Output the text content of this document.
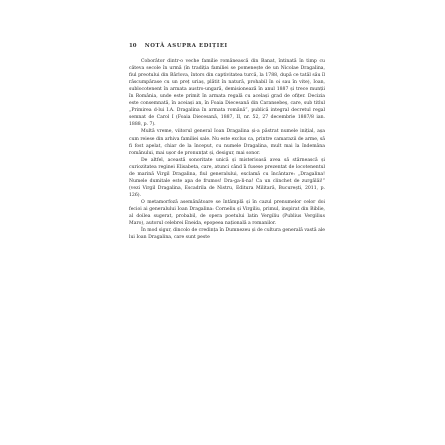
10 NOTĂ ASUPRA EDIȚIEI

Coborâtor dintr-o veche familie românească din Banat, întinată în timp cu câteva secole în urmă (în tradiția familiei se pomenește de un Nicolae Dragalina, fiul preotului din Bârlova, întors din captivitatea turcă, la 1788, după ce tatăl său îl răscumpărase cu un preț uriaș, plătit în natură, prohabil în oi sau în vite), Ioan, sublocotenent în armata austro-ungară, demisionează în anul 1887 și trece munții în România, unde este primit în armata regală cu același grad de ofițer. Decizia este consemnată, în aceiași an, în Foaia Diecesană din Caransebeș, care, sub titlul „Primirea d-lui I.A. Dragalina în armata română”, publică integral decretul regal semnat de Carol I (Foaia Diecesană, 1887, II, nr. 52, 27 decembrie 1887/8 ian. 1888, p. 7).

Multă vreme, viitorul general Ioan Dragalina și-a păstrat numele inițial, așa cum reiese din arhiva familiei sale. Nu este exclus ca, printre camarazii de arme, să fi fost apelat, chiar de la început, cu numele Dragalina, mult mai la îndemâna românului, mai ușor de pronunțat și, desigur, mai sonor.

De altfel, această sonoritate unică și misterioasă avea să stârnească și curiozitatea reginei Elisabeta, care, atunci când îi fusese prezentat de locotenentul de marină Virgil Dragalina, fiul generalului, exclamă cu încântare: „Dragalina! Numele dumitale este apa de frumos! Dra-ga-li-na! Ca un clinchet de zurgălăi!” (vezi Virgil Dragalina, Escadrila de Nistru, Editura Militară, București, 2011, p. 126).

O metamorfoză asemănătoare se întâmplă și în cazul prenumelor celor doi fecioi ai generalului Ioan Dragalina: Corneliu și Virgiliu, primul, inspirat din Biblie, al doilea sugerat, probabil, de opera poetului latin Vergiliu (Publius Vergilius Maro), autorul celebrei Eneida, epopeea națională a romanilor.

În mod sigur, dincolo de credința în Dumnezeu și de cultura generală vastă ale lui Ioan Dragalina, care sunt peste
